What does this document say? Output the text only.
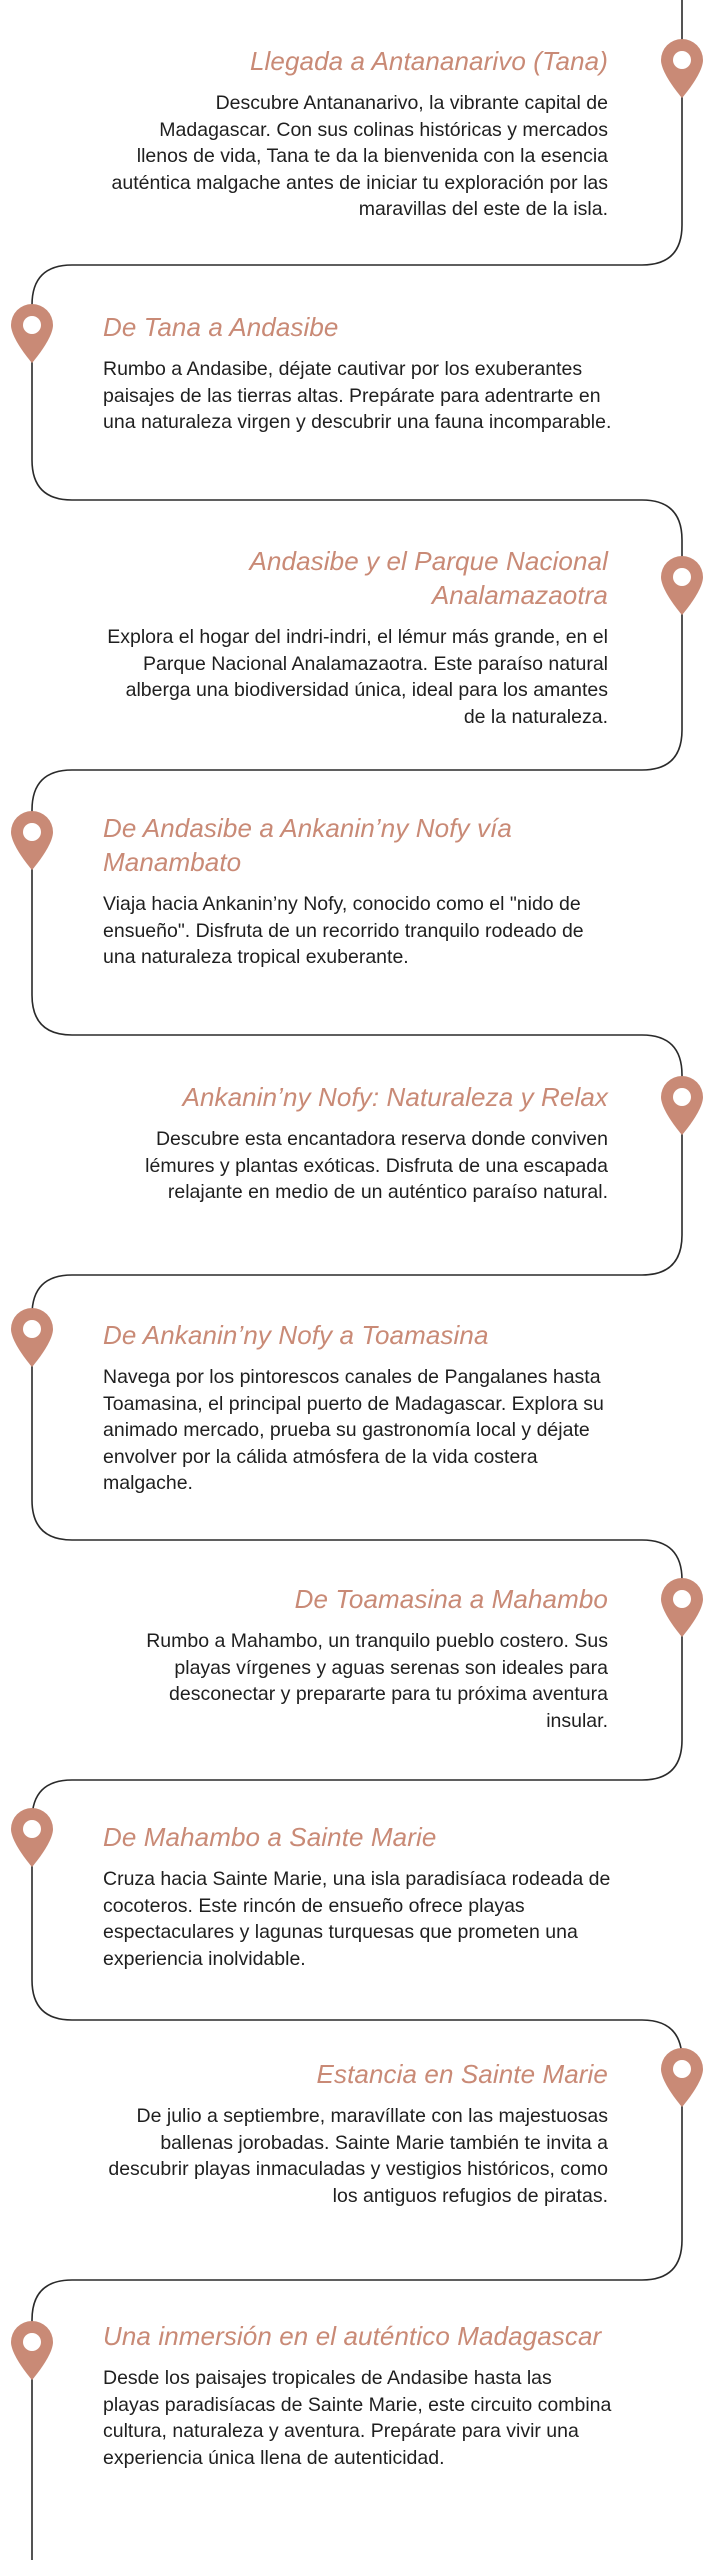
Llegada a Antananarivo (Tana)

Descubre Antananarivo, la vibrante capital de Madagascar. Con sus colinas históricas y mercados llenos de vida, Tana te da la bienvenida con la esencia auténtica malgache antes de iniciar tu exploración por las maravillas del este de la isla.

De Tana a Andasibe

Rumbo a Andasibe, déjate cautivar por los exuberantes paisajes de las tierras altas. Prepárate para adentrarte en una naturaleza virgen y descubrir una fauna incomparable.

Andasibe y el Parque Nacional Analamazaotra

Explora el hogar del indri-indri, el lémur más grande, en el Parque Nacional Analamazaotra. Este paraíso natural alberga una biodiversidad única, ideal para los amantes de la naturaleza.

De Andasibe a Ankanin’ny Nofy vía Manambato

Viaja hacia Ankanin’ny Nofy, conocido como el "nido de ensueño". Disfruta de un recorrido tranquilo rodeado de una naturaleza tropical exuberante.

Ankanin’ny Nofy: Naturaleza y Relax

Descubre esta encantadora reserva donde conviven lémures y plantas exóticas. Disfruta de una escapada relajante en medio de un auténtico paraíso natural.

De Ankanin’ny Nofy a Toamasina

Navega por los pintorescos canales de Pangalanes hasta Toamasina, el principal puerto de Madagascar. Explora su animado mercado, prueba su gastronomía local y déjate envolver por la cálida atmósfera de la vida costera malgache.

De Toamasina a Mahambo

Rumbo a Mahambo, un tranquilo pueblo costero. Sus playas vírgenes y aguas serenas son ideales para desconectar y prepararte para tu próxima aventura insular.

De Mahambo a Sainte Marie

Cruza hacia Sainte Marie, una isla paradisíaca rodeada de cocoteros. Este rincón de ensueño ofrece playas espectaculares y lagunas turquesas que prometen una experiencia inolvidable.

Estancia en Sainte Marie

De julio a septiembre, maravíllate con las majestuosas ballenas jorobadas. Sainte Marie también te invita a descubrir playas inmaculadas y vestigios históricos, como los antiguos refugios de piratas.

Una inmersión en el auténtico Madagascar

Desde los paisajes tropicales de Andasibe hasta las playas paradisíacas de Sainte Marie, este circuito combina cultura, naturaleza y aventura. Prepárate para vivir una experiencia única llena de autenticidad.
